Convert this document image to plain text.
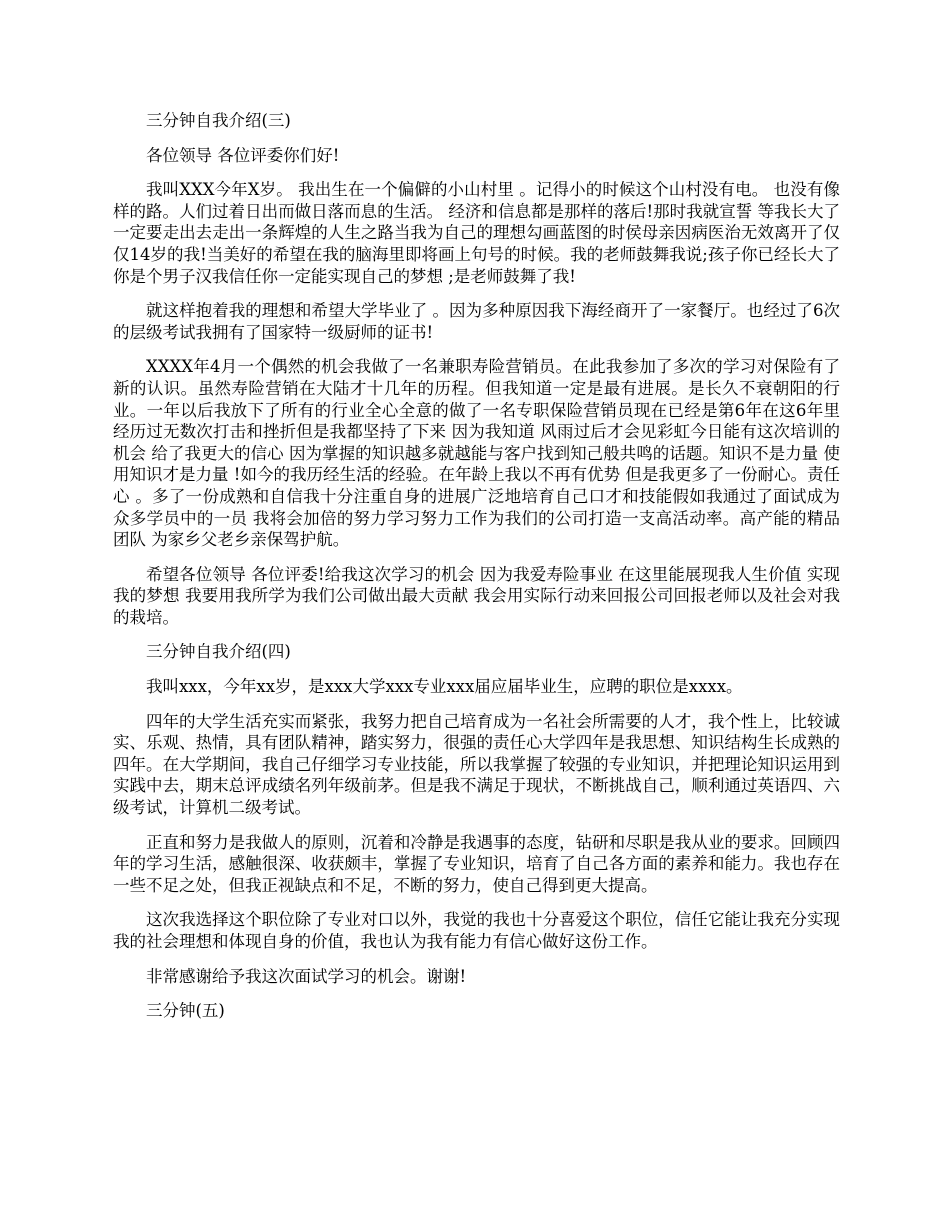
三分钟自我介绍(三)

各位领导 各位评委你们好!

我叫XXX今年X岁。 我出生在一个偏僻的小山村里 。记得小的时候这个山村没有电。 也没有像样的路。人们过着日出而做日落而息的生活。 经济和信息都是那样的落后!那时我就宣誓 等我长大了一定要走出去走出一条辉煌的人生之路当我为自己的理想勾画蓝图的时侯母亲因病医治无效离开了仅仅14岁的我!当美好的希望在我的脑海里即将画上句号的时候。我的老师鼓舞我说;孩子你已经长大了你是个男子汉我信任你一定能实现自己的梦想 ;是老师鼓舞了我!

就这样抱着我的理想和希望大学毕业了 。因为多种原因我下海经商开了一家餐厅。也经过了6次的层级考试我拥有了国家特一级厨师的证书!

XXXX年4月一个偶然的机会我做了一名兼职寿险营销员。在此我参加了多次的学习对保险有了新的认识。虽然寿险营销在大陆才十几年的历程。但我知道一定是最有进展。是长久不衰朝阳的行业。一年以后我放下了所有的行业全心全意的做了一名专职保险营销员现在已经是第6年在这6年里经历过无数次打击和挫折但是我都坚持了下来 因为我知道 风雨过后才会见彩虹今日能有这次培训的机会 给了我更大的信心 因为掌握的知识越多就越能与客户找到知己般共鸣的话题。知识不是力量 使用知识才是力量 !如今的我历经生活的经验。在年龄上我以不再有优势 但是我更多了一份耐心。责任心 。多了一份成熟和自信我十分注重自身的进展广泛地培育自己口才和技能假如我通过了面试成为众多学员中的一员 我将会加倍的努力学习努力工作为我们的公司打造一支高活动率。高产能的精品团队 为家乡父老乡亲保驾护航。

希望各位领导 各位评委!给我这次学习的机会 因为我爱寿险事业 在这里能展现我人生价值 实现我的梦想 我要用我所学为我们公司做出最大贡献 我会用实际行动来回报公司回报老师以及社会对我的栽培。

三分钟自我介绍(四)

我叫xxx，今年xx岁，是xxx大学xxx专业xxx届应届毕业生，应聘的职位是xxxx。

四年的大学生活充实而紧张，我努力把自己培育成为一名社会所需要的人才，我个性上，比较诚实、乐观、热情，具有团队精神，踏实努力，很强的责任心大学四年是我思想、知识结构生长成熟的四年。在大学期间，我自己仔细学习专业技能，所以我掌握了较强的专业知识，并把理论知识运用到实践中去，期末总评成绩名列年级前茅。但是我不满足于现状，不断挑战自己，顺利通过英语四、六级考试，计算机二级考试。

正直和努力是我做人的原则，沉着和冷静是我遇事的态度，钻研和尽职是我从业的要求。回顾四年的学习生活，感触很深、收获颇丰，掌握了专业知识，培育了自己各方面的素养和能力。我也存在一些不足之处，但我正视缺点和不足，不断的努力，使自己得到更大提高。

这次我选择这个职位除了专业对口以外，我觉的我也十分喜爱这个职位，信任它能让我充分实现我的社会理想和体现自身的价值，我也认为我有能力有信心做好这份工作。

非常感谢给予我这次面试学习的机会。谢谢!

三分钟(五)
